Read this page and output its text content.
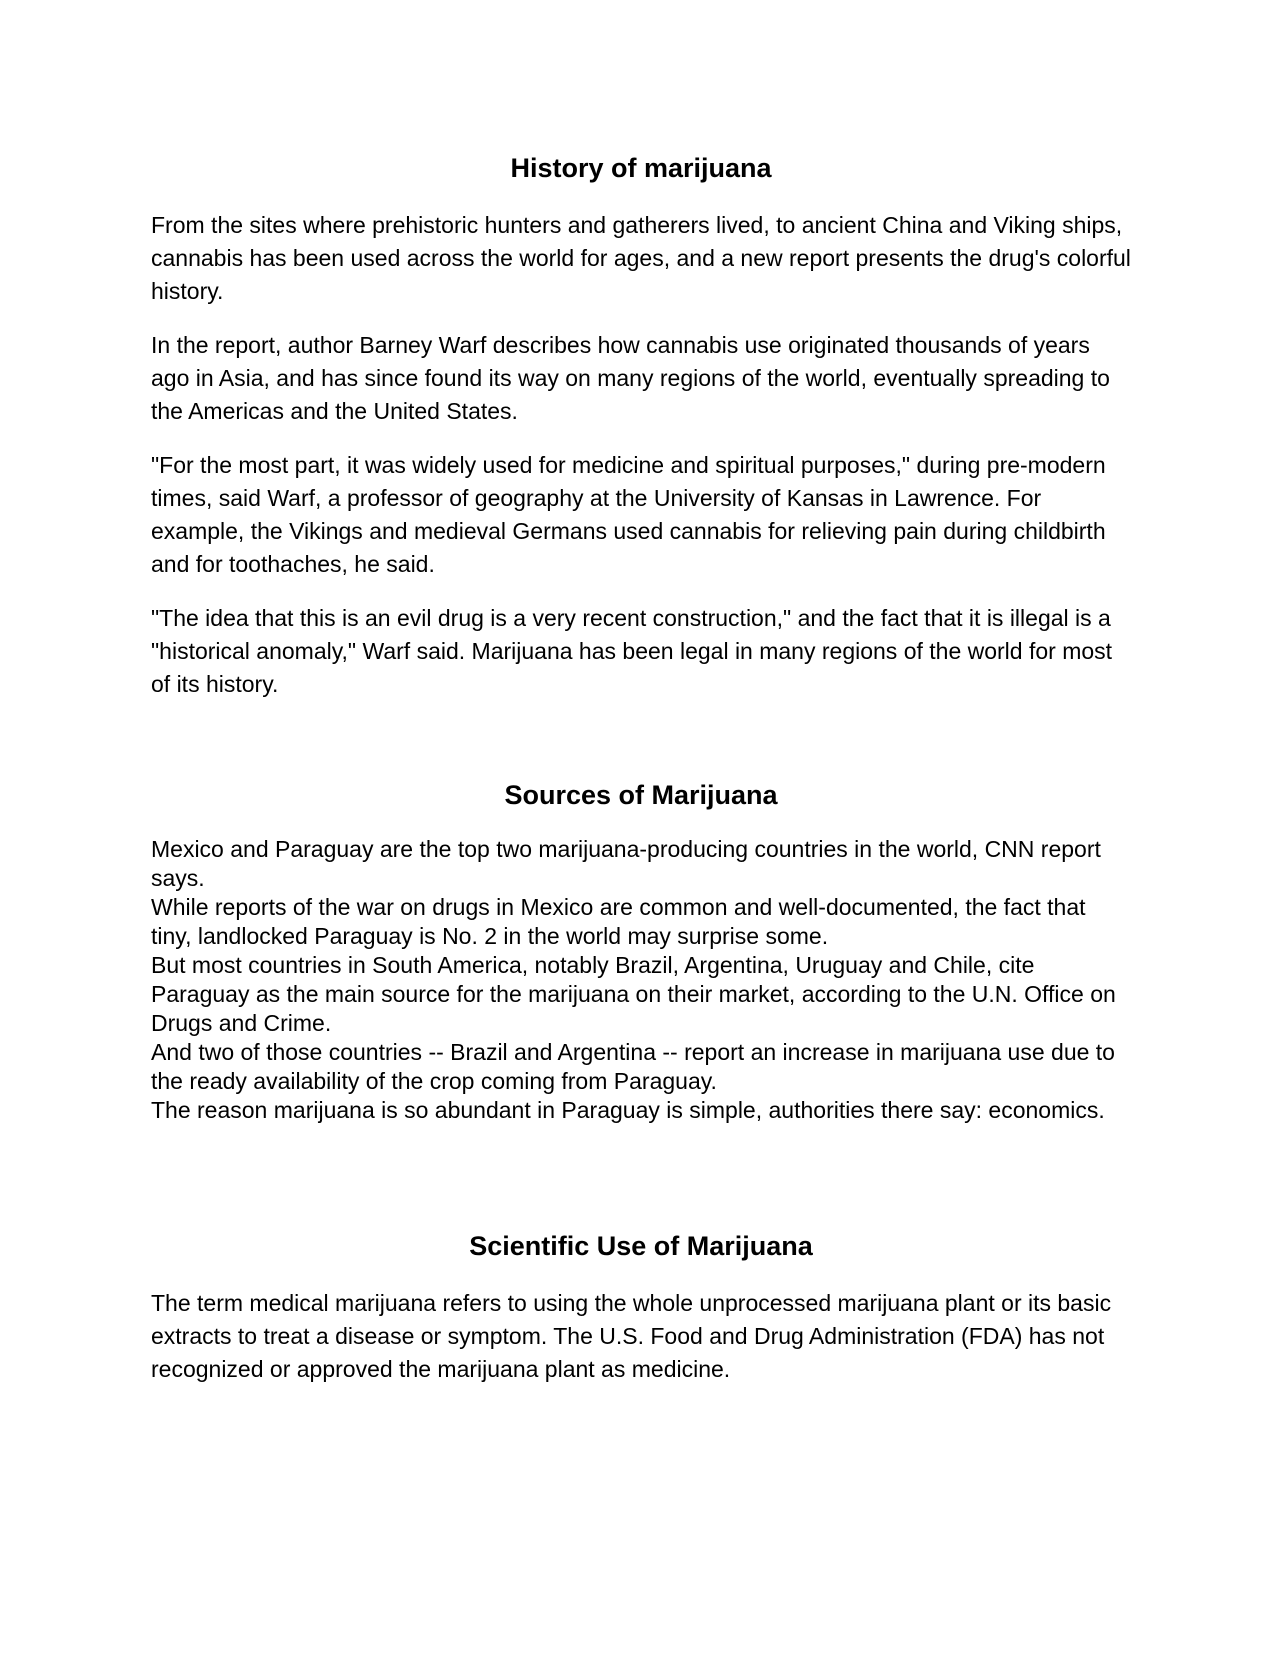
History of marijuana

From the sites where prehistoric hunters and gatherers lived, to ancient China and Viking ships, cannabis has been used across the world for ages, and a new report presents the drug's colorful history.

In the report, author Barney Warf describes how cannabis use originated thousands of years ago in Asia, and has since found its way on many regions of the world, eventually spreading to the Americas and the United States.

"For the most part, it was widely used for medicine and spiritual purposes," during pre-modern times, said Warf, a professor of geography at the University of Kansas in Lawrence. For example, the Vikings and medieval Germans used cannabis for relieving pain during childbirth and for toothaches, he said.

"The idea that this is an evil drug is a very recent construction," and the fact that it is illegal is a "historical anomaly," Warf said. Marijuana has been legal in many regions of the world for most of its history.

Sources of Marijuana

Mexico and Paraguay are the top two marijuana-producing countries in the world, CNN report says.

While reports of the war on drugs in Mexico are common and well-documented, the fact that tiny, landlocked Paraguay is No. 2 in the world may surprise some.

But most countries in South America, notably Brazil, Argentina, Uruguay and Chile, cite Paraguay as the main source for the marijuana on their market, according to the U.N. Office on Drugs and Crime.

And two of those countries -- Brazil and Argentina -- report an increase in marijuana use due to the ready availability of the crop coming from Paraguay.

The reason marijuana is so abundant in Paraguay is simple, authorities there say: economics.

Scientific Use of Marijuana

The term medical marijuana refers to using the whole unprocessed marijuana plant or its basic extracts to treat a disease or symptom. The U.S. Food and Drug Administration (FDA) has not recognized or approved the marijuana plant as medicine.
